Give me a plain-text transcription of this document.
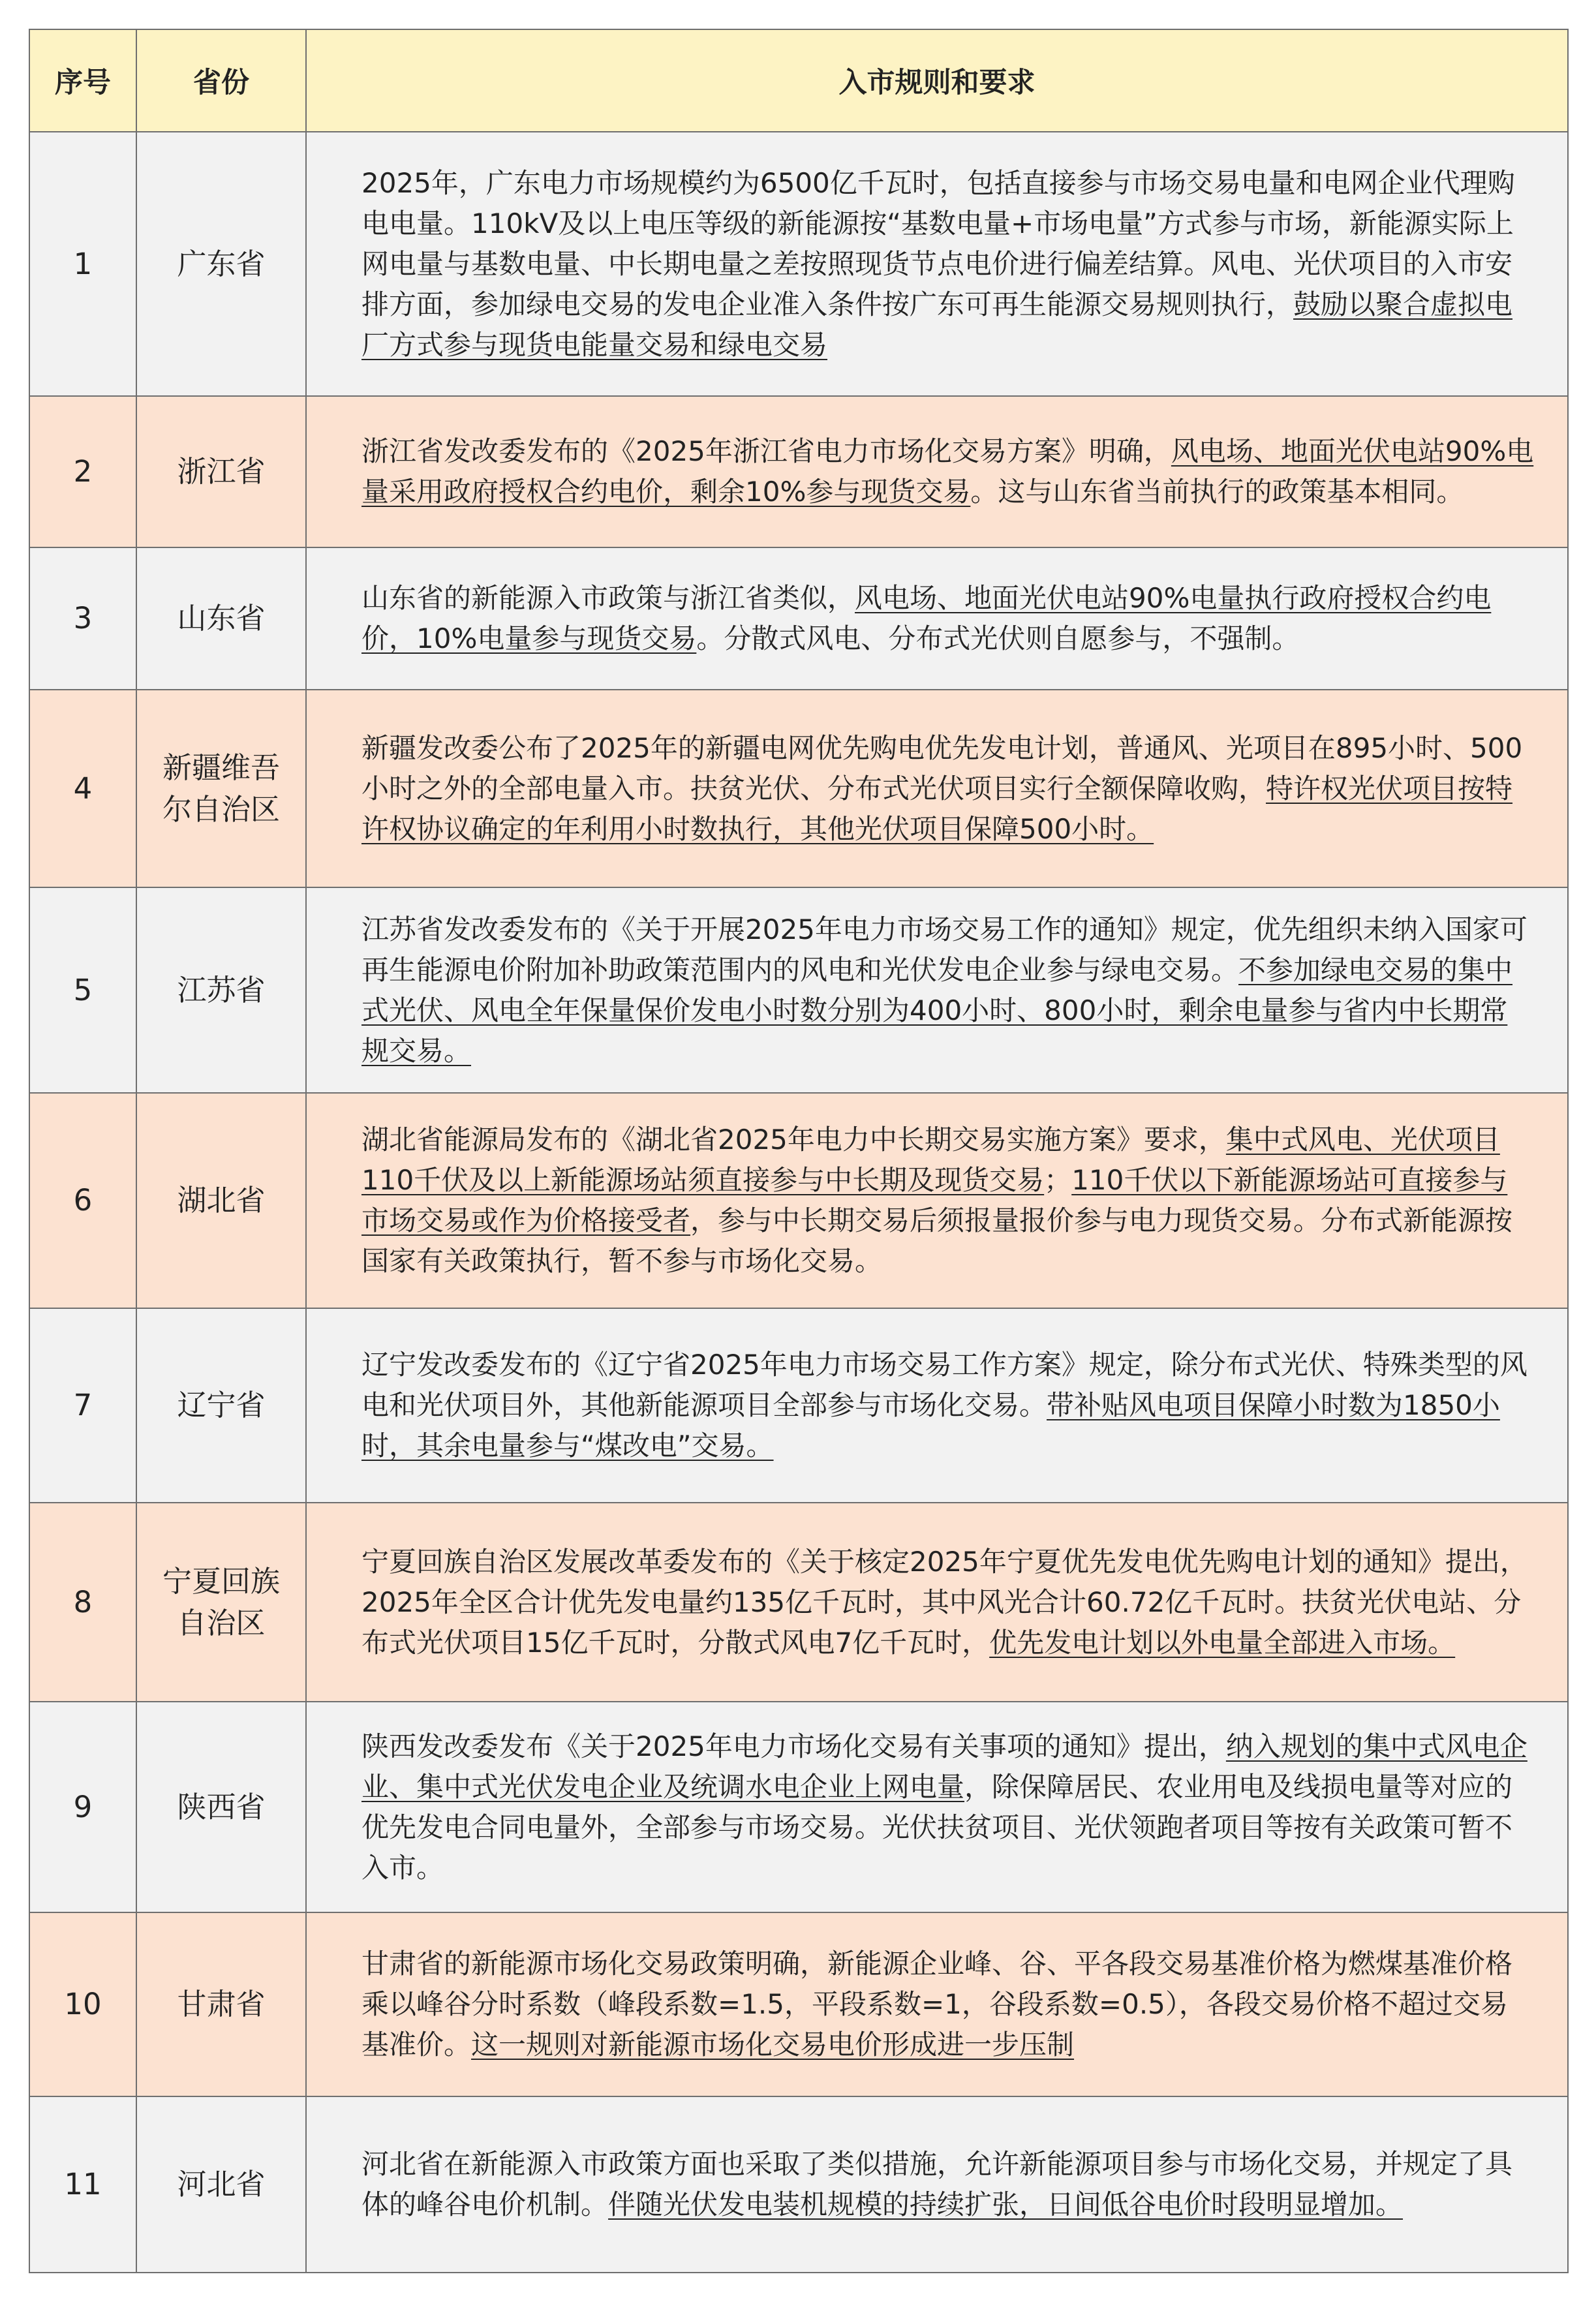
序号	省份	入市规则和要求
1	广东省	2025年，广东电力市场规模约为6500亿千瓦时，包括直接参与市场交易电量和电网企业代理购电电量。110kV及以上电压等级的新能源按“基数电量+市场电量”方式参与市场，新能源实际上网电量与基数电量、中长期电量之差按照现货节点电价进行偏差结算。风电、光伏项目的入市安排方面，参加绿电交易的发电企业准入条件按广东可再生能源交易规则执行，鼓励以聚合虚拟电厂方式参与现货电能量交易和绿电交易
2	浙江省	浙江省发改委发布的《2025年浙江省电力市场化交易方案》明确，风电场、地面光伏电站90%电量采用政府授权合约电价，剩余10%参与现货交易。这与山东省当前执行的政策基本相同。
3	山东省	山东省的新能源入市政策与浙江省类似，风电场、地面光伏电站90%电量执行政府授权合约电价，10%电量参与现货交易。分散式风电、分布式光伏则自愿参与，不强制。
4	新疆维吾尔自治区	新疆发改委公布了2025年的新疆电网优先购电优先发电计划，普通风、光项目在895小时、500小时之外的全部电量入市。扶贫光伏、分布式光伏项目实行全额保障收购，特许权光伏项目按特许权协议确定的年利用小时数执行，其他光伏项目保障500小时。
5	江苏省	江苏省发改委发布的《关于开展2025年电力市场交易工作的通知》规定，优先组织未纳入国家可再生能源电价附加补助政策范围内的风电和光伏发电企业参与绿电交易。不参加绿电交易的集中式光伏、风电全年保量保价发电小时数分别为400小时、800小时，剩余电量参与省内中长期常规交易。
6	湖北省	湖北省能源局发布的《湖北省2025年电力中长期交易实施方案》要求，集中式风电、光伏项目110千伏及以上新能源场站须直接参与中长期及现货交易；110千伏以下新能源场站可直接参与市场交易或作为价格接受者，参与中长期交易后须报量报价参与电力现货交易。分布式新能源按国家有关政策执行，暂不参与市场化交易。
7	辽宁省	辽宁发改委发布的《辽宁省2025年电力市场交易工作方案》规定，除分布式光伏、特殊类型的风电和光伏项目外，其他新能源项目全部参与市场化交易。带补贴风电项目保障小时数为1850小时，其余电量参与“煤改电”交易。
8	宁夏回族自治区	宁夏回族自治区发展改革委发布的《关于核定2025年宁夏优先发电优先购电计划的通知》提出，2025年全区合计优先发电量约135亿千瓦时，其中风光合计60.72亿千瓦时。扶贫光伏电站、分布式光伏项目15亿千瓦时，分散式风电7亿千瓦时，优先发电计划以外电量全部进入市场。
9	陕西省	陕西发改委发布《关于2025年电力市场化交易有关事项的通知》提出，纳入规划的集中式风电企业、集中式光伏发电企业及统调水电企业上网电量，除保障居民、农业用电及线损电量等对应的优先发电合同电量外，全部参与市场交易。光伏扶贫项目、光伏领跑者项目等按有关政策可暂不入市。
10	甘肃省	甘肃省的新能源市场化交易政策明确，新能源企业峰、谷、平各段交易基准价格为燃煤基准价格乘以峰谷分时系数（峰段系数=1.5，平段系数=1，谷段系数=0.5），各段交易价格不超过交易基准价。这一规则对新能源市场化交易电价形成进一步压制
11	河北省	河北省在新能源入市政策方面也采取了类似措施，允许新能源项目参与市场化交易，并规定了具体的峰谷电价机制。伴随光伏发电装机规模的持续扩张，日间低谷电价时段明显增加。
